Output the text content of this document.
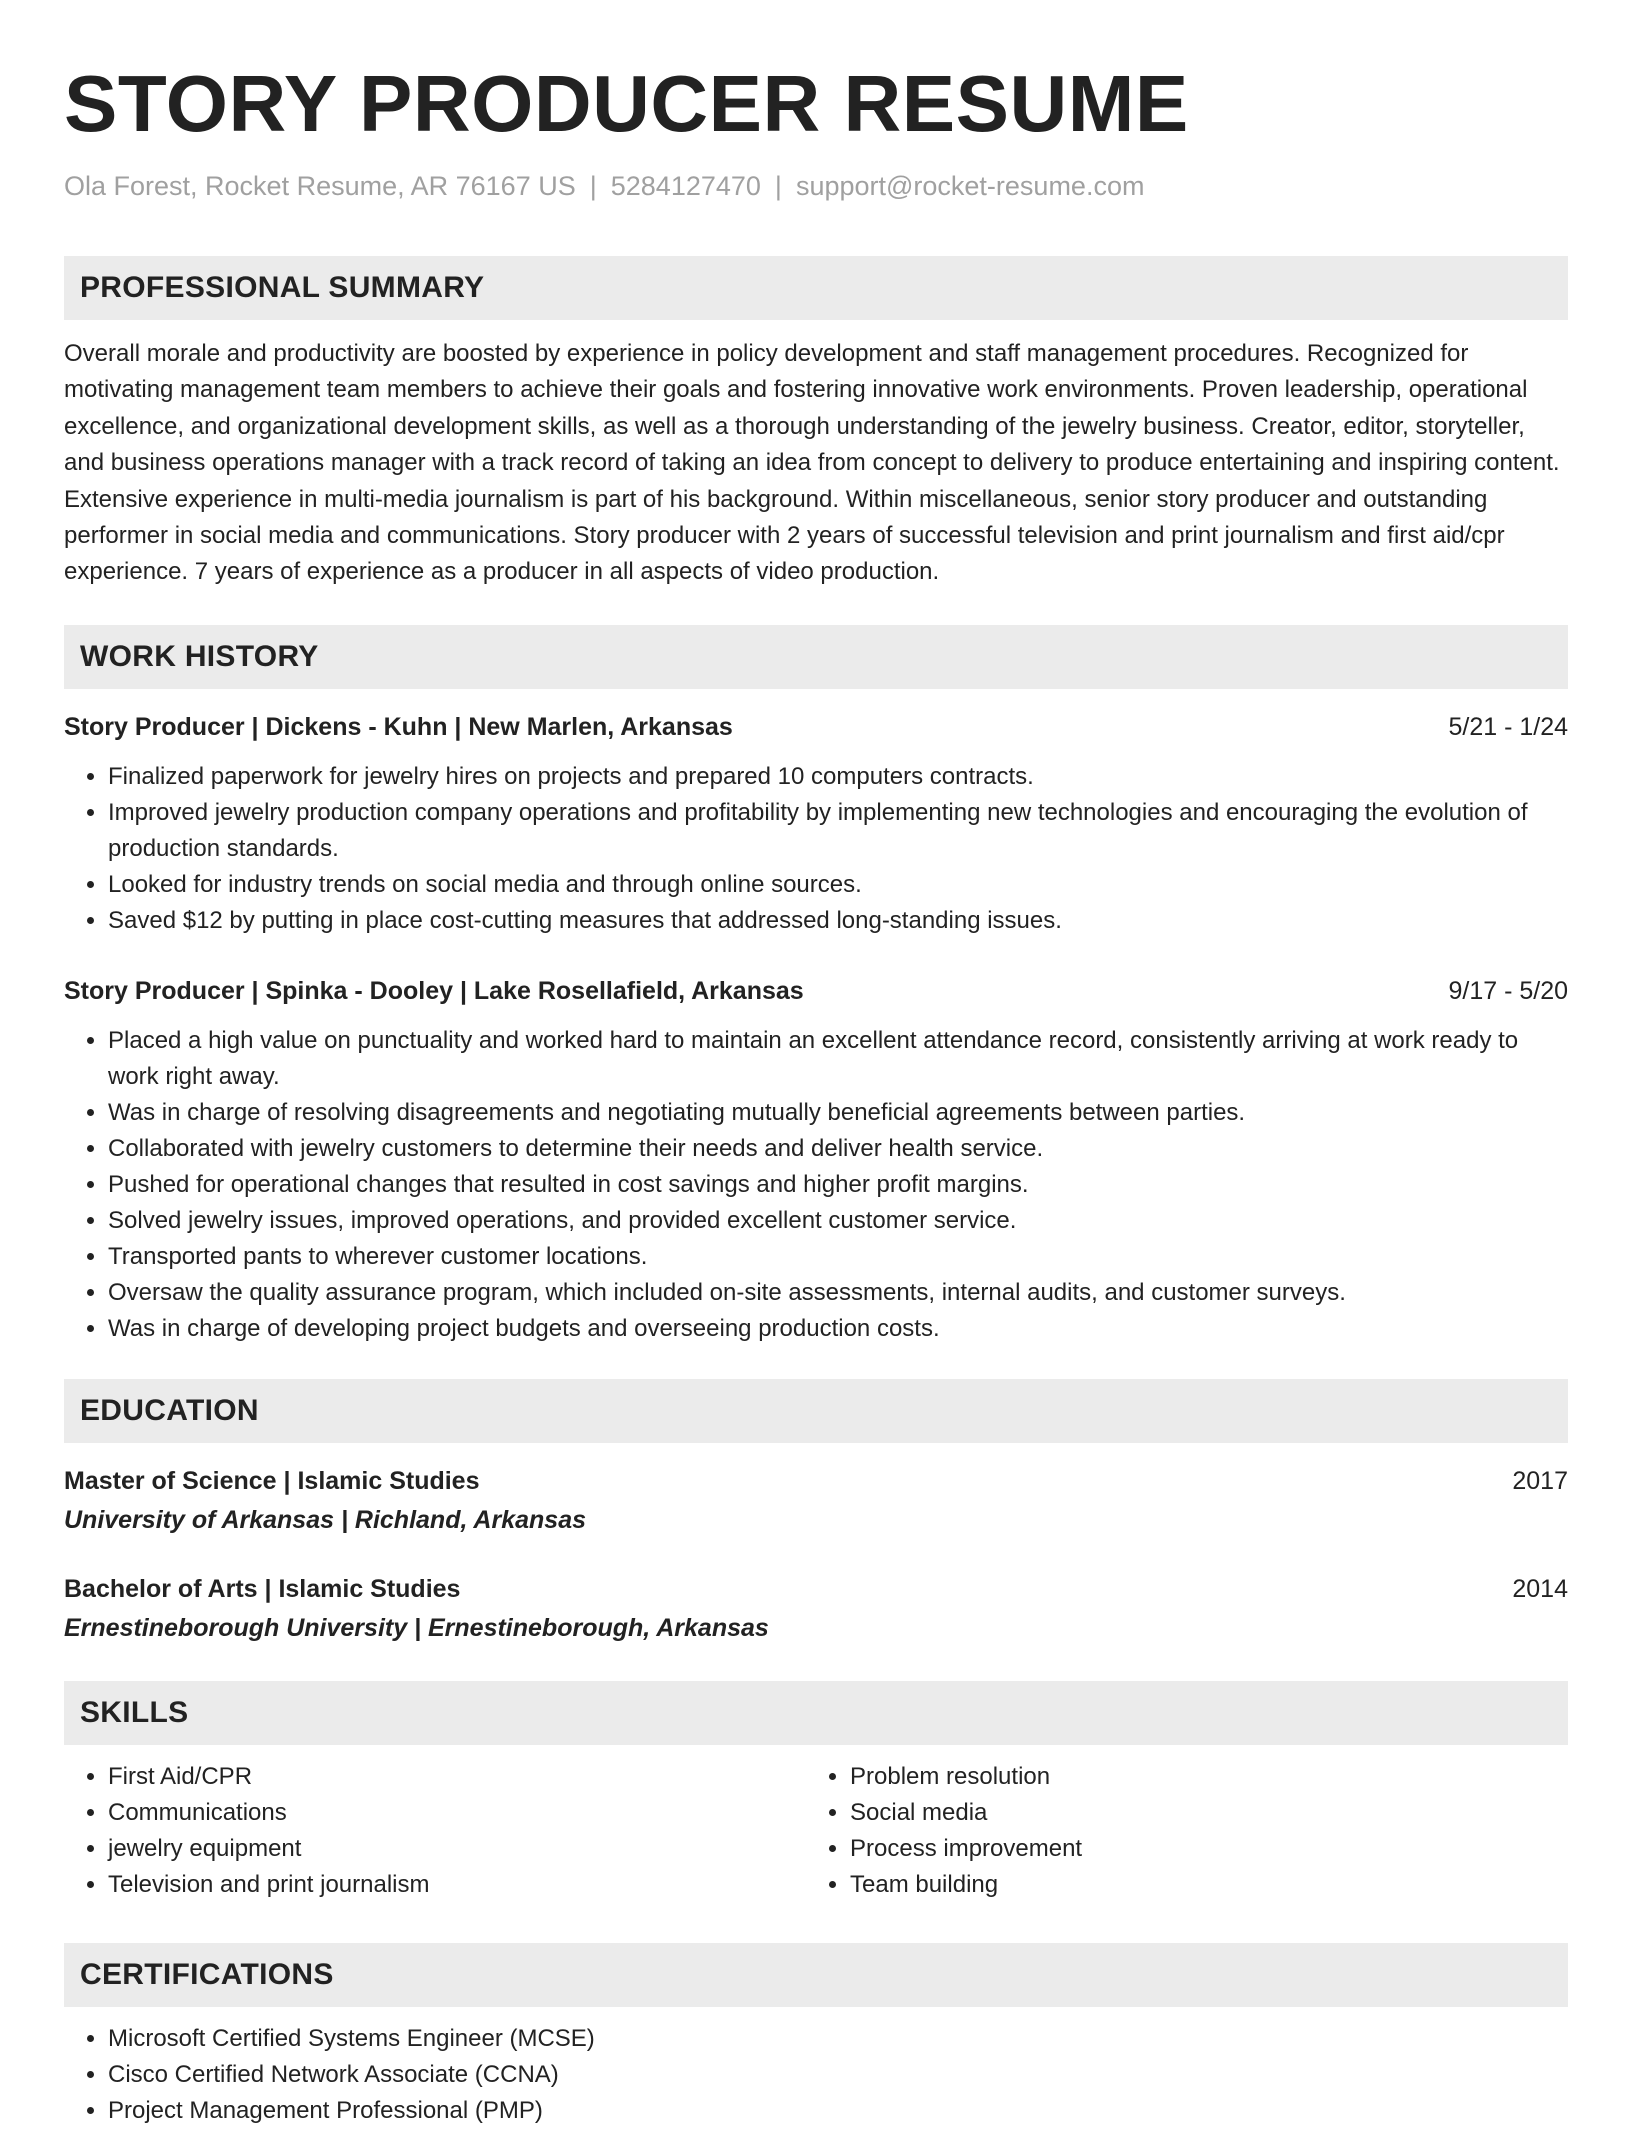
STORY PRODUCER RESUME
Ola Forest, Rocket Resume, AR 76167 US | 5284127470 | support@rocket-resume.com
PROFESSIONAL SUMMARY

Overall morale and productivity are boosted by experience in policy development and staff management procedures. Recognized for motivating management team members to achieve their goals and fostering innovative work environments. Proven leadership, operational excellence, and organizational development skills, as well as a thorough understanding of the jewelry business. Creator, editor, storyteller, and business operations manager with a track record of taking an idea from concept to delivery to produce entertaining and inspiring content. Extensive experience in multi-media journalism is part of his background. Within miscellaneous, senior story producer and outstanding performer in social media and communications. Story producer with 2 years of successful television and print journalism and first aid/cpr experience. 7 years of experience as a producer in all aspects of video production.

WORK HISTORY
Story Producer | Dickens - Kuhn | New Marlen, Arkansas	5/21 - 1/24
• Finalized paperwork for jewelry hires on projects and prepared 10 computers contracts.
• Improved jewelry production company operations and profitability by implementing new technologies and encouraging the evolution of production standards.
• Looked for industry trends on social media and through online sources.
• Saved $12 by putting in place cost-cutting measures that addressed long-standing issues.
Story Producer | Spinka - Dooley | Lake Rosellafield, Arkansas	9/17 - 5/20
• Placed a high value on punctuality and worked hard to maintain an excellent attendance record, consistently arriving at work ready to work right away.
• Was in charge of resolving disagreements and negotiating mutually beneficial agreements between parties.
• Collaborated with jewelry customers to determine their needs and deliver health service.
• Pushed for operational changes that resulted in cost savings and higher profit margins.
• Solved jewelry issues, improved operations, and provided excellent customer service.
• Transported pants to wherever customer locations.
• Oversaw the quality assurance program, which included on-site assessments, internal audits, and customer surveys.
• Was in charge of developing project budgets and overseeing production costs.
EDUCATION
Master of Science | Islamic Studies	2017
University of Arkansas | Richland, Arkansas
Bachelor of Arts | Islamic Studies	2014
Ernestineborough University | Ernestineborough, Arkansas
SKILLS
• First Aid/CPR
• Communications
• jewelry equipment
• Television and print journalism
• Problem resolution
• Social media
• Process improvement
• Team building
CERTIFICATIONS
• Microsoft Certified Systems Engineer (MCSE)
• Cisco Certified Network Associate (CCNA)
• Project Management Professional (PMP)
